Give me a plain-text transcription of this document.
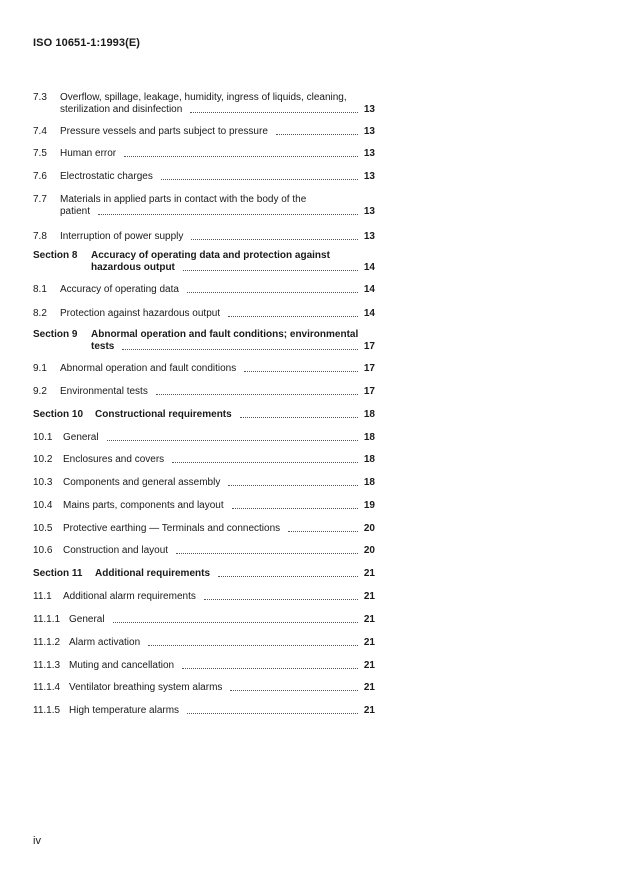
ISO 10651-1:1993(E)
7.3 Overflow, spillage, leakage, humidity, ingress of liquids, cleaning,
sterilization and disinfection	13
7.4 Pressure vessels and parts subject to pressure	13
7.5 Human error	13
7.6 Electrostatic charges	13
7.7 Materials in applied parts in contact with the body of the
patient	13
7.8 Interruption of power supply	13
Section 8 Accuracy of operating data and protection against
hazardous output	14
8.1 Accuracy of operating data	14
8.2 Protection against hazardous output	14
Section 9 Abnormal operation and fault conditions; environmental
tests	17
9.1 Abnormal operation and fault conditions	17
9.2 Environmental tests	17
Section 10 Constructional requirements	18
10.1 General	18
10.2 Enclosures and covers	18
10.3 Components and general assembly	18
10.4 Mains parts, components and layout	19
10.5 Protective earthing — Terminals and connections	20
10.6 Construction and layout	20
Section 11 Additional requirements	21
11.1 Additional alarm requirements	21
11.1.1 General	21
11.1.2 Alarm activation	21
11.1.3 Muting and cancellation	21
11.1.4 Ventilator breathing system alarms	21
11.1.5 High temperature alarms	21
iv
